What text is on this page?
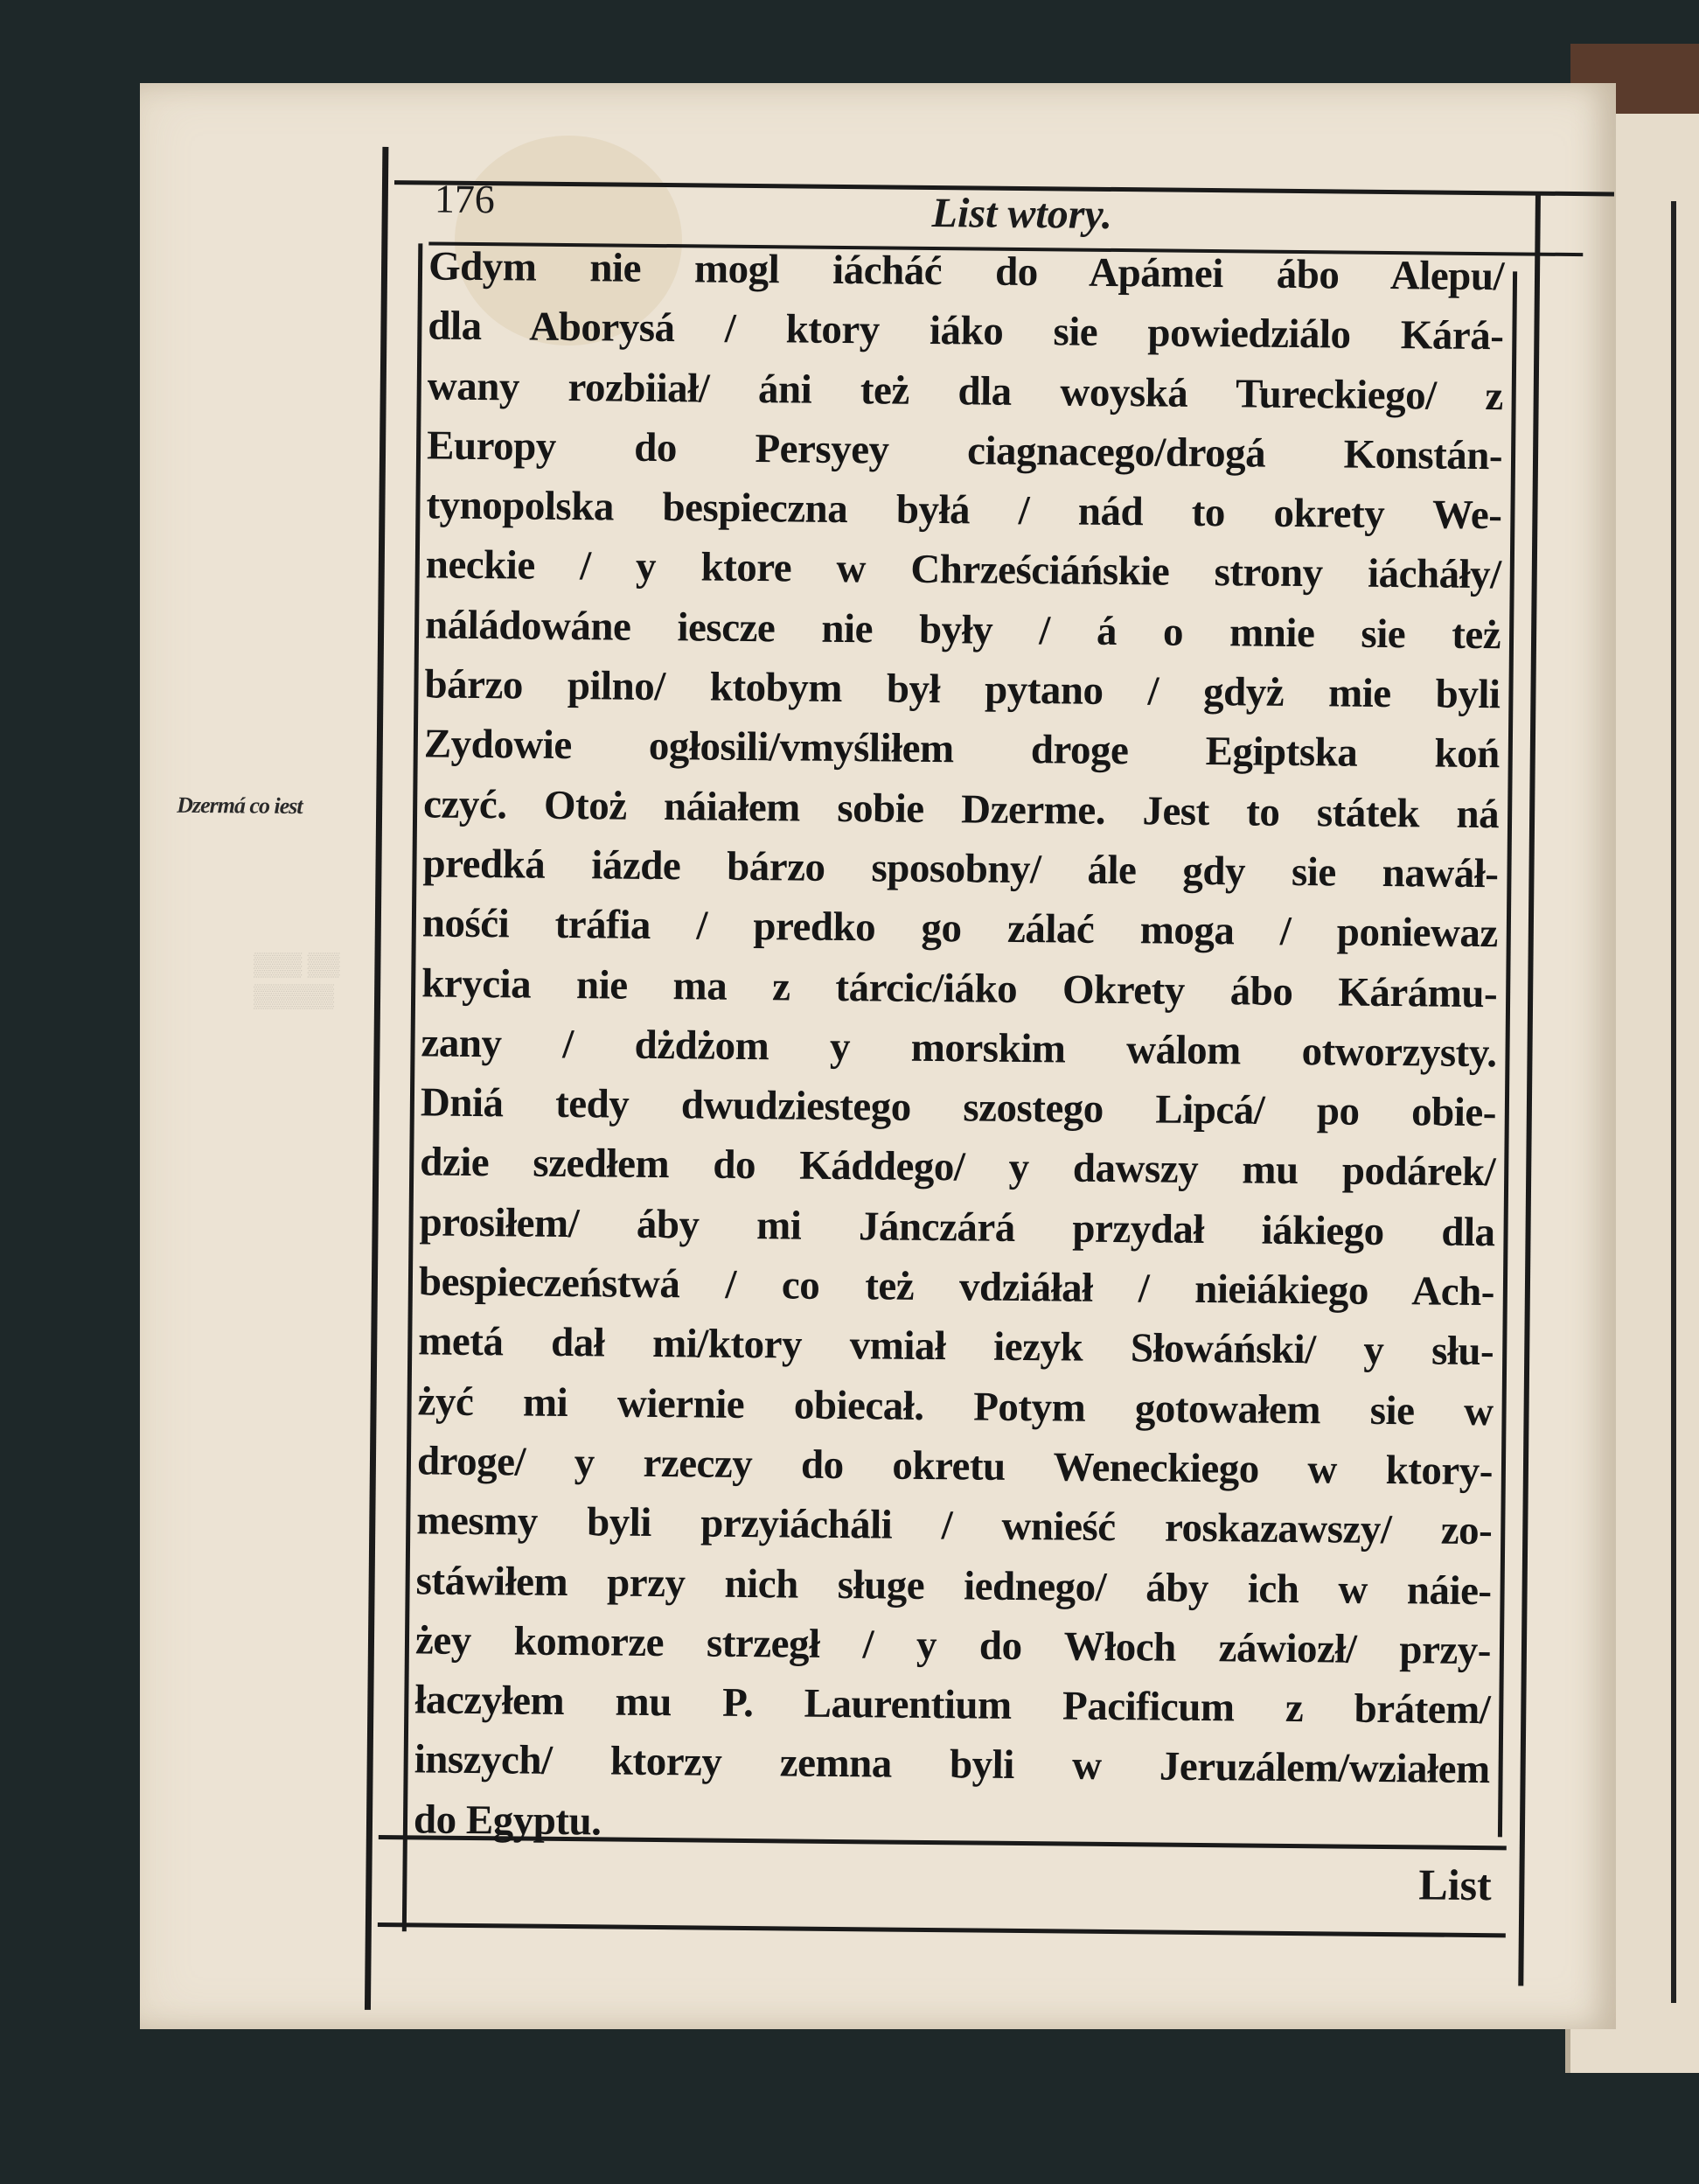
▒▒▒ ▒▒
▒▒▒▒▒
176	List wtory.
Dzermá co iest
Gdym nie mogl iácháć do Apámei ábo Alepu/
dla Aborysá / ktory iáko sie powiedziálo Kárá-
wany rozbiiał/ áni też dla woyská Tureckiego/ z
Europy do Persyey ciagnacego/drogá Konstán-
tynopolska bespieczna byłá / nád to okrety We-
neckie / y ktore w Chrześciáńskie strony iácháły/
náládowáne iescze nie były / á o mnie sie też
bárzo pilno/ ktobym był pytano / gdyż mie byli
Zydowie ogłosili/vmyśliłem droge Egiptska koń
czyć. Otoż náiałem sobie Dzerme. Jest to státek ná
predká iázde bárzo sposobny/ ále gdy sie nawáł-
nośći tráfia / predko go zálać moga / poniewaz
krycia nie ma z tárcic/iáko Okrety ábo Kárámu-
zany / dżdżom y morskim wálom otworzysty.
Dniá tedy dwudziestego szostego Lipcá/ po obie-
dzie szedłem do Káddego/ y dawszy mu podárek/
prosiłem/ áby mi Jánczárá przydał iákiego dla
bespieczeństwá / co też vdziáłał / nieiákiego Ach-
metá dał mi/ktory vmiał iezyk Słowáński/ y słu-
żyć mi wiernie obiecał. Potym gotowałem sie w
droge/ y rzeczy do okretu Weneckiego w ktory-
mesmy byli przyiácháli / wnieść roskazawszy/ zo-
stáwiłem przy nich sługe iednego/ áby ich w náie-
żey komorze strzegł / y do Włoch záwiozł/ przy-
łaczyłem mu P. Laurentium Pacificum z brátem/
inszych/ ktorzy zemna byli w Jeruzálem/wziałem
do Egyptu.
List
